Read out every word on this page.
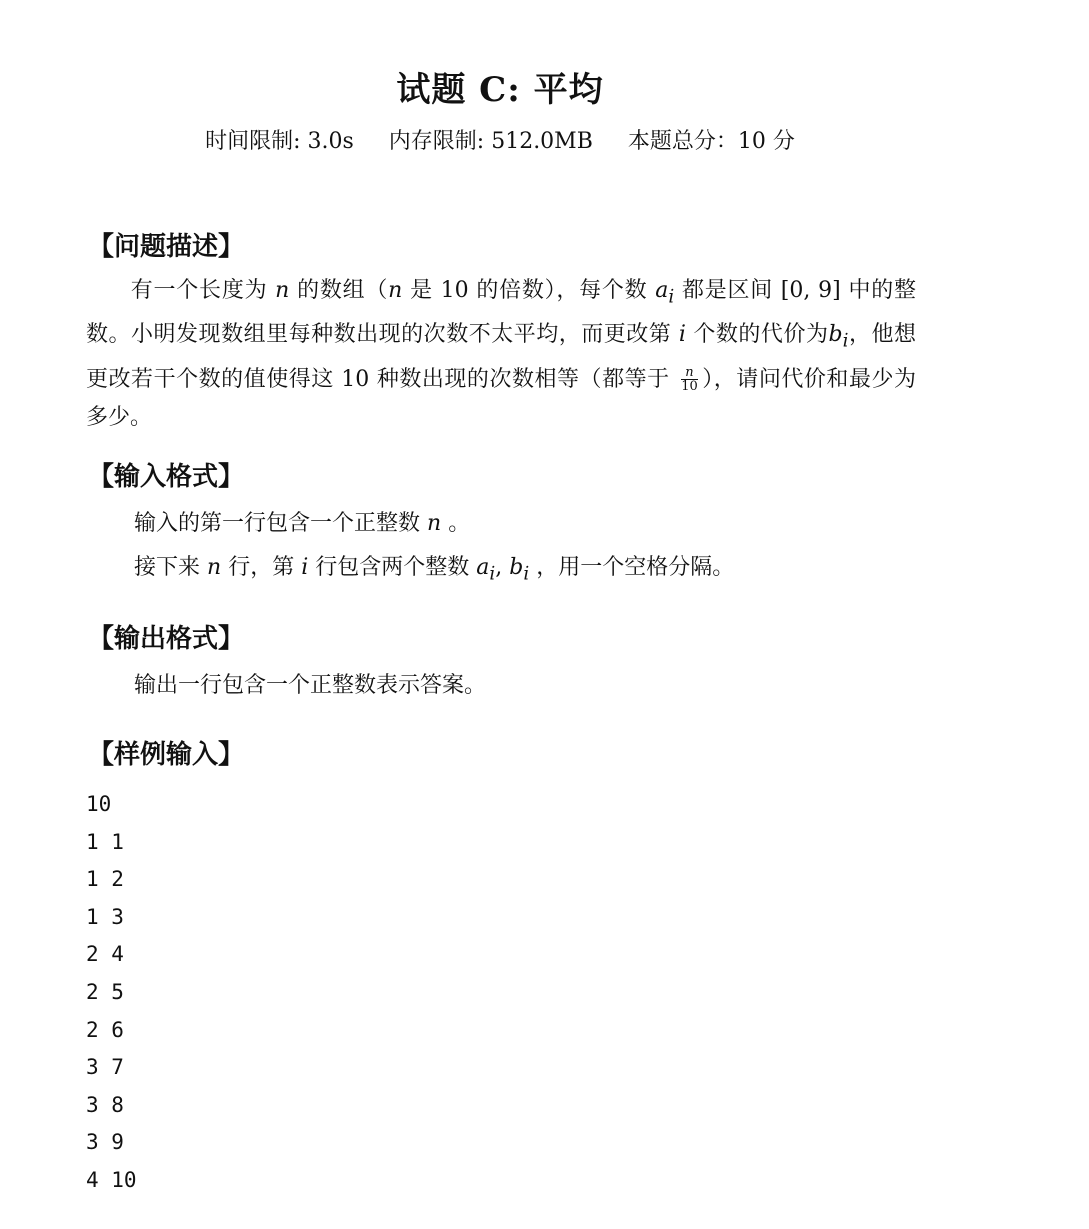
试题 C: 平均
时间限制: 3.0s 内存限制: 512.0MB 本题总分：10 分
【问题描述】
有一个长度为 n 的数组（n 是 10 的倍数），每个数 $a_i$ 都是区间 [0, 9] 中的整数。小明发现数组里每种数出现的次数不太平均，而更改第 i 个数的代价为$b_i$，他想更改若干个数的值使得这 10 种数出现的次数相等（都等于 $\frac{n}{10}$ ），请问代价和最少为多少。
【输入格式】
输入的第一行包含一个正整数 n 。
接下来 n 行，第 i 行包含两个整数 $a_i$, $b_i$ ，用一个空格分隔。
【输出格式】
输出一行包含一个正整数表示答案。
【样例输入】
10
1 1
1 2
1 3
2 4
2 5
2 6
3 7
3 8
3 9
4 10
